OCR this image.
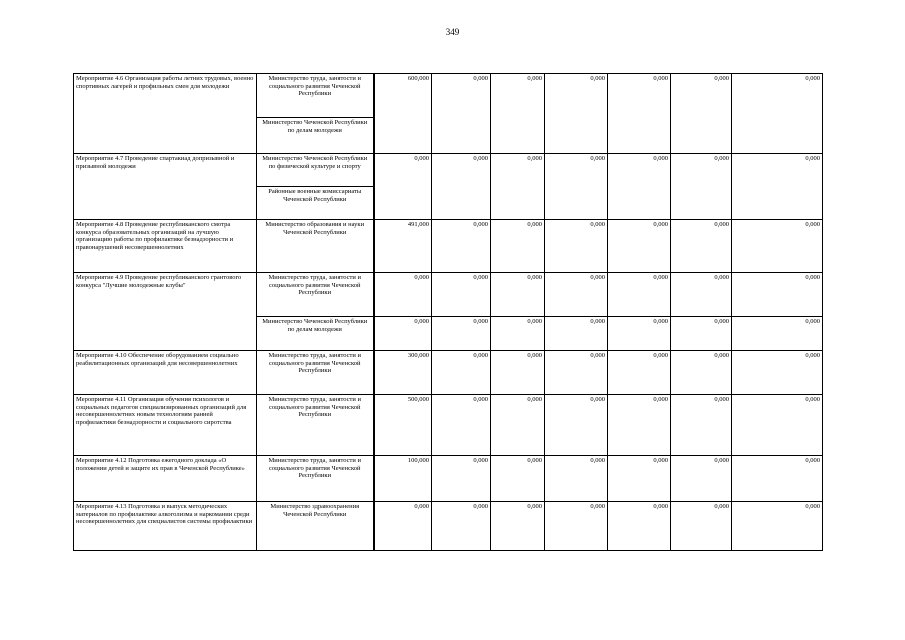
349
Мероприятие 4.6 Организация работы летних трудовых, военно спортивных лагерей и профильных смен для молодежи	Министерство труда, занятости и социального развития Чеченской Республики	600,000	0,000	0,000	0,000	0,000	0,000	0,000
	Министерство Чеченской Республики по делам молодежи							
Мероприятие 4.7 Проведение спартакиад допризывной и призывной молодежи	Министерство Чеченской Республики по физической культуре и спорту	0,000	0,000	0,000	0,000	0,000	0,000	0,000
	Районные военные комиссариаты Чеченской Республики							
Мероприятие 4.8 Проведение республиканского смотра конкурса образовательных организаций на лучшую организацию работы по профилактике безнадзорности и правонарушений несовершеннолетних	Министерство образования и науки Чеченской Республики	491,000	0,000	0,000	0,000	0,000	0,000	0,000
Мероприятие 4.9 Проведение республиканского грантового конкурса "Лучшие молодежные клубы"	Министерство труда, занятости и социального развития Чеченской Республики	0,000	0,000	0,000	0,000	0,000	0,000	0,000
	Министерство Чеченской Республики по делам молодежи	0,000	0,000	0,000	0,000	0,000	0,000	0,000
Мероприятие 4.10 Обеспечение оборудованием социально реабилитационных организаций для несовершеннолетних	Министерство труда, занятости и социального развития Чеченской Республики	300,000	0,000	0,000	0,000	0,000	0,000	0,000
Мероприятие 4.11 Организация обучения психологов и социальных педагогов специализированных организаций для несовершеннолетних новым технологиям ранней профилактики безнадзорности и социального сиротства	Министерство труда, занятости и социального развития Чеченской Республики	500,000	0,000	0,000	0,000	0,000	0,000	0,000
Мероприятие 4.12 Подготовка ежегодного доклада «О положении детей и защите их прав в Чеченской Республике»	Министерство труда, занятости и социального развития Чеченской Республики	100,000	0,000	0,000	0,000	0,000	0,000	0,000
Мероприятие 4.13 Подготовка и выпуск методических материалов по профилактике алкоголизма и наркомании среди несовершеннолетних для специалистов системы профилактики	Министерство здравоохранения Чеченской Республики	0,000	0,000	0,000	0,000	0,000	0,000	0,000
